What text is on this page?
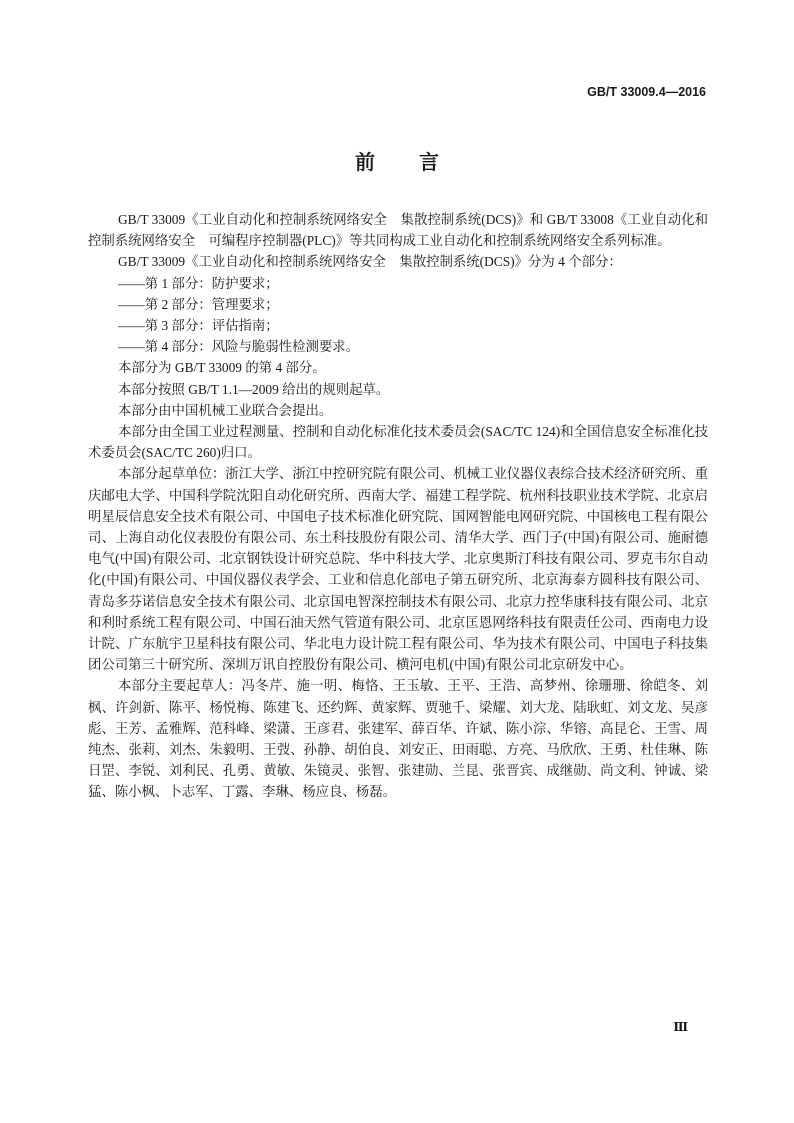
GB/T 33009.4—2016
前　言

GB/T 33009《工业自动化和控制系统网络安全　集散控制系统(DCS)》和 GB/T 33008《工业自动化和控制系统网络安全　可编程序控制器(PLC)》等共同构成工业自动化和控制系统网络安全系列标准。

GB/T 33009《工业自动化和控制系统网络安全　集散控制系统(DCS)》分为 4 个部分：

——第 1 部分：防护要求；

——第 2 部分：管理要求；

——第 3 部分：评估指南；

——第 4 部分：风险与脆弱性检测要求。

本部分为 GB/T 33009 的第 4 部分。

本部分按照 GB/T 1.1—2009 给出的规则起草。

本部分由中国机械工业联合会提出。

本部分由全国工业过程测量、控制和自动化标准化技术委员会(SAC/TC 124)和全国信息安全标准化技术委员会(SAC/TC 260)归口。

本部分起草单位：浙江大学、浙江中控研究院有限公司、机械工业仪器仪表综合技术经济研究所、重庆邮电大学、中国科学院沈阳自动化研究所、西南大学、福建工程学院、杭州科技职业技术学院、北京启明星辰信息安全技术有限公司、中国电子技术标准化研究院、国网智能电网研究院、中国核电工程有限公司、上海自动化仪表股份有限公司、东土科技股份有限公司、清华大学、西门子(中国)有限公司、施耐德电气(中国)有限公司、北京钢铁设计研究总院、华中科技大学、北京奥斯汀科技有限公司、罗克韦尔自动化(中国)有限公司、中国仪器仪表学会、工业和信息化部电子第五研究所、北京海泰方圆科技有限公司、青岛多芬诺信息安全技术有限公司、北京国电智深控制技术有限公司、北京力控华康科技有限公司、北京和利时系统工程有限公司、中国石油天然气管道有限公司、北京匡恩网络科技有限责任公司、西南电力设计院、广东航宇卫星科技有限公司、华北电力设计院工程有限公司、华为技术有限公司、中国电子科技集团公司第三十研究所、深圳万讯自控股份有限公司、横河电机(中国)有限公司北京研发中心。

本部分主要起草人：冯冬芹、施一明、梅恪、王玉敏、王平、王浩、高梦州、徐珊珊、徐皑冬、刘枫、许剑新、陈平、杨悦梅、陈建飞、还约辉、黄家辉、贾驰千、梁耀、刘大龙、陆耿虹、刘文龙、吴彦彪、王芳、孟雅辉、范科峰、梁潇、王彦君、张建军、薛百华、许斌、陈小淙、华镕、高昆仑、王雪、周纯杰、张莉、刘杰、朱毅明、王弢、孙静、胡伯良、刘安正、田雨聪、方亮、马欣欣、王勇、杜佳琳、陈日罡、李锐、刘利民、孔勇、黄敏、朱镜灵、张智、张建勋、兰昆、张晋宾、成继勋、尚文利、钟诚、梁猛、陈小枫、卜志军、丁露、李琳、杨应良、杨磊。

Ⅲ
